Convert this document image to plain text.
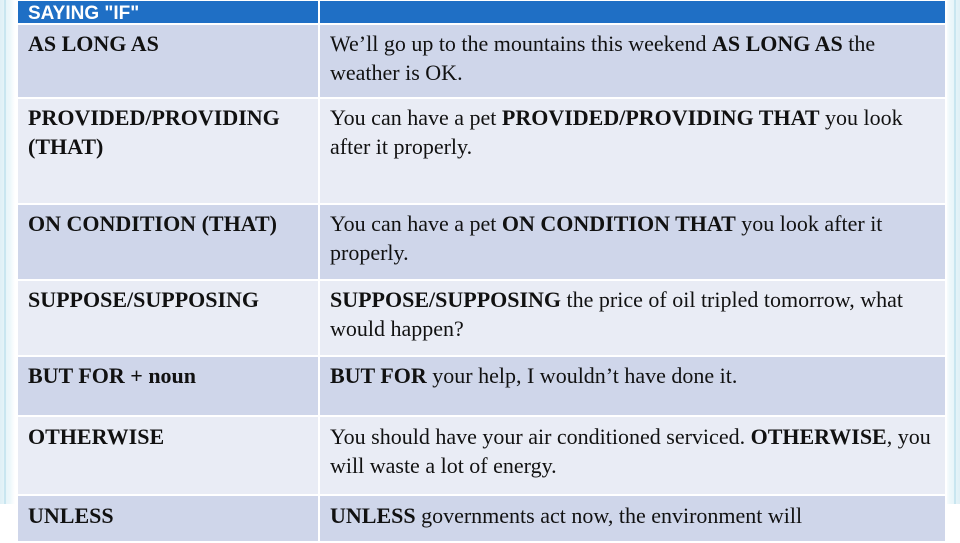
SAYING "IF"	

AS LONG AS	We’ll go up to the mountains this weekend AS LONG AS the weather is OK.
PROVIDED/PROVIDING (THAT)	You can have a pet PROVIDED/PROVIDING THAT you look after it properly.
ON CONDITION (THAT)	You can have a pet ON CONDITION THAT you look after it properly.
SUPPOSE/SUPPOSING	SUPPOSE/SUPPOSING the price of oil tripled tomorrow, what would happen?
BUT FOR + noun	BUT FOR your help, I wouldn’t have done it.
OTHERWISE	You should have your air conditioned serviced. OTHERWISE, you will waste a lot of energy.
UNLESS	UNLESS governments act now, the environment will
